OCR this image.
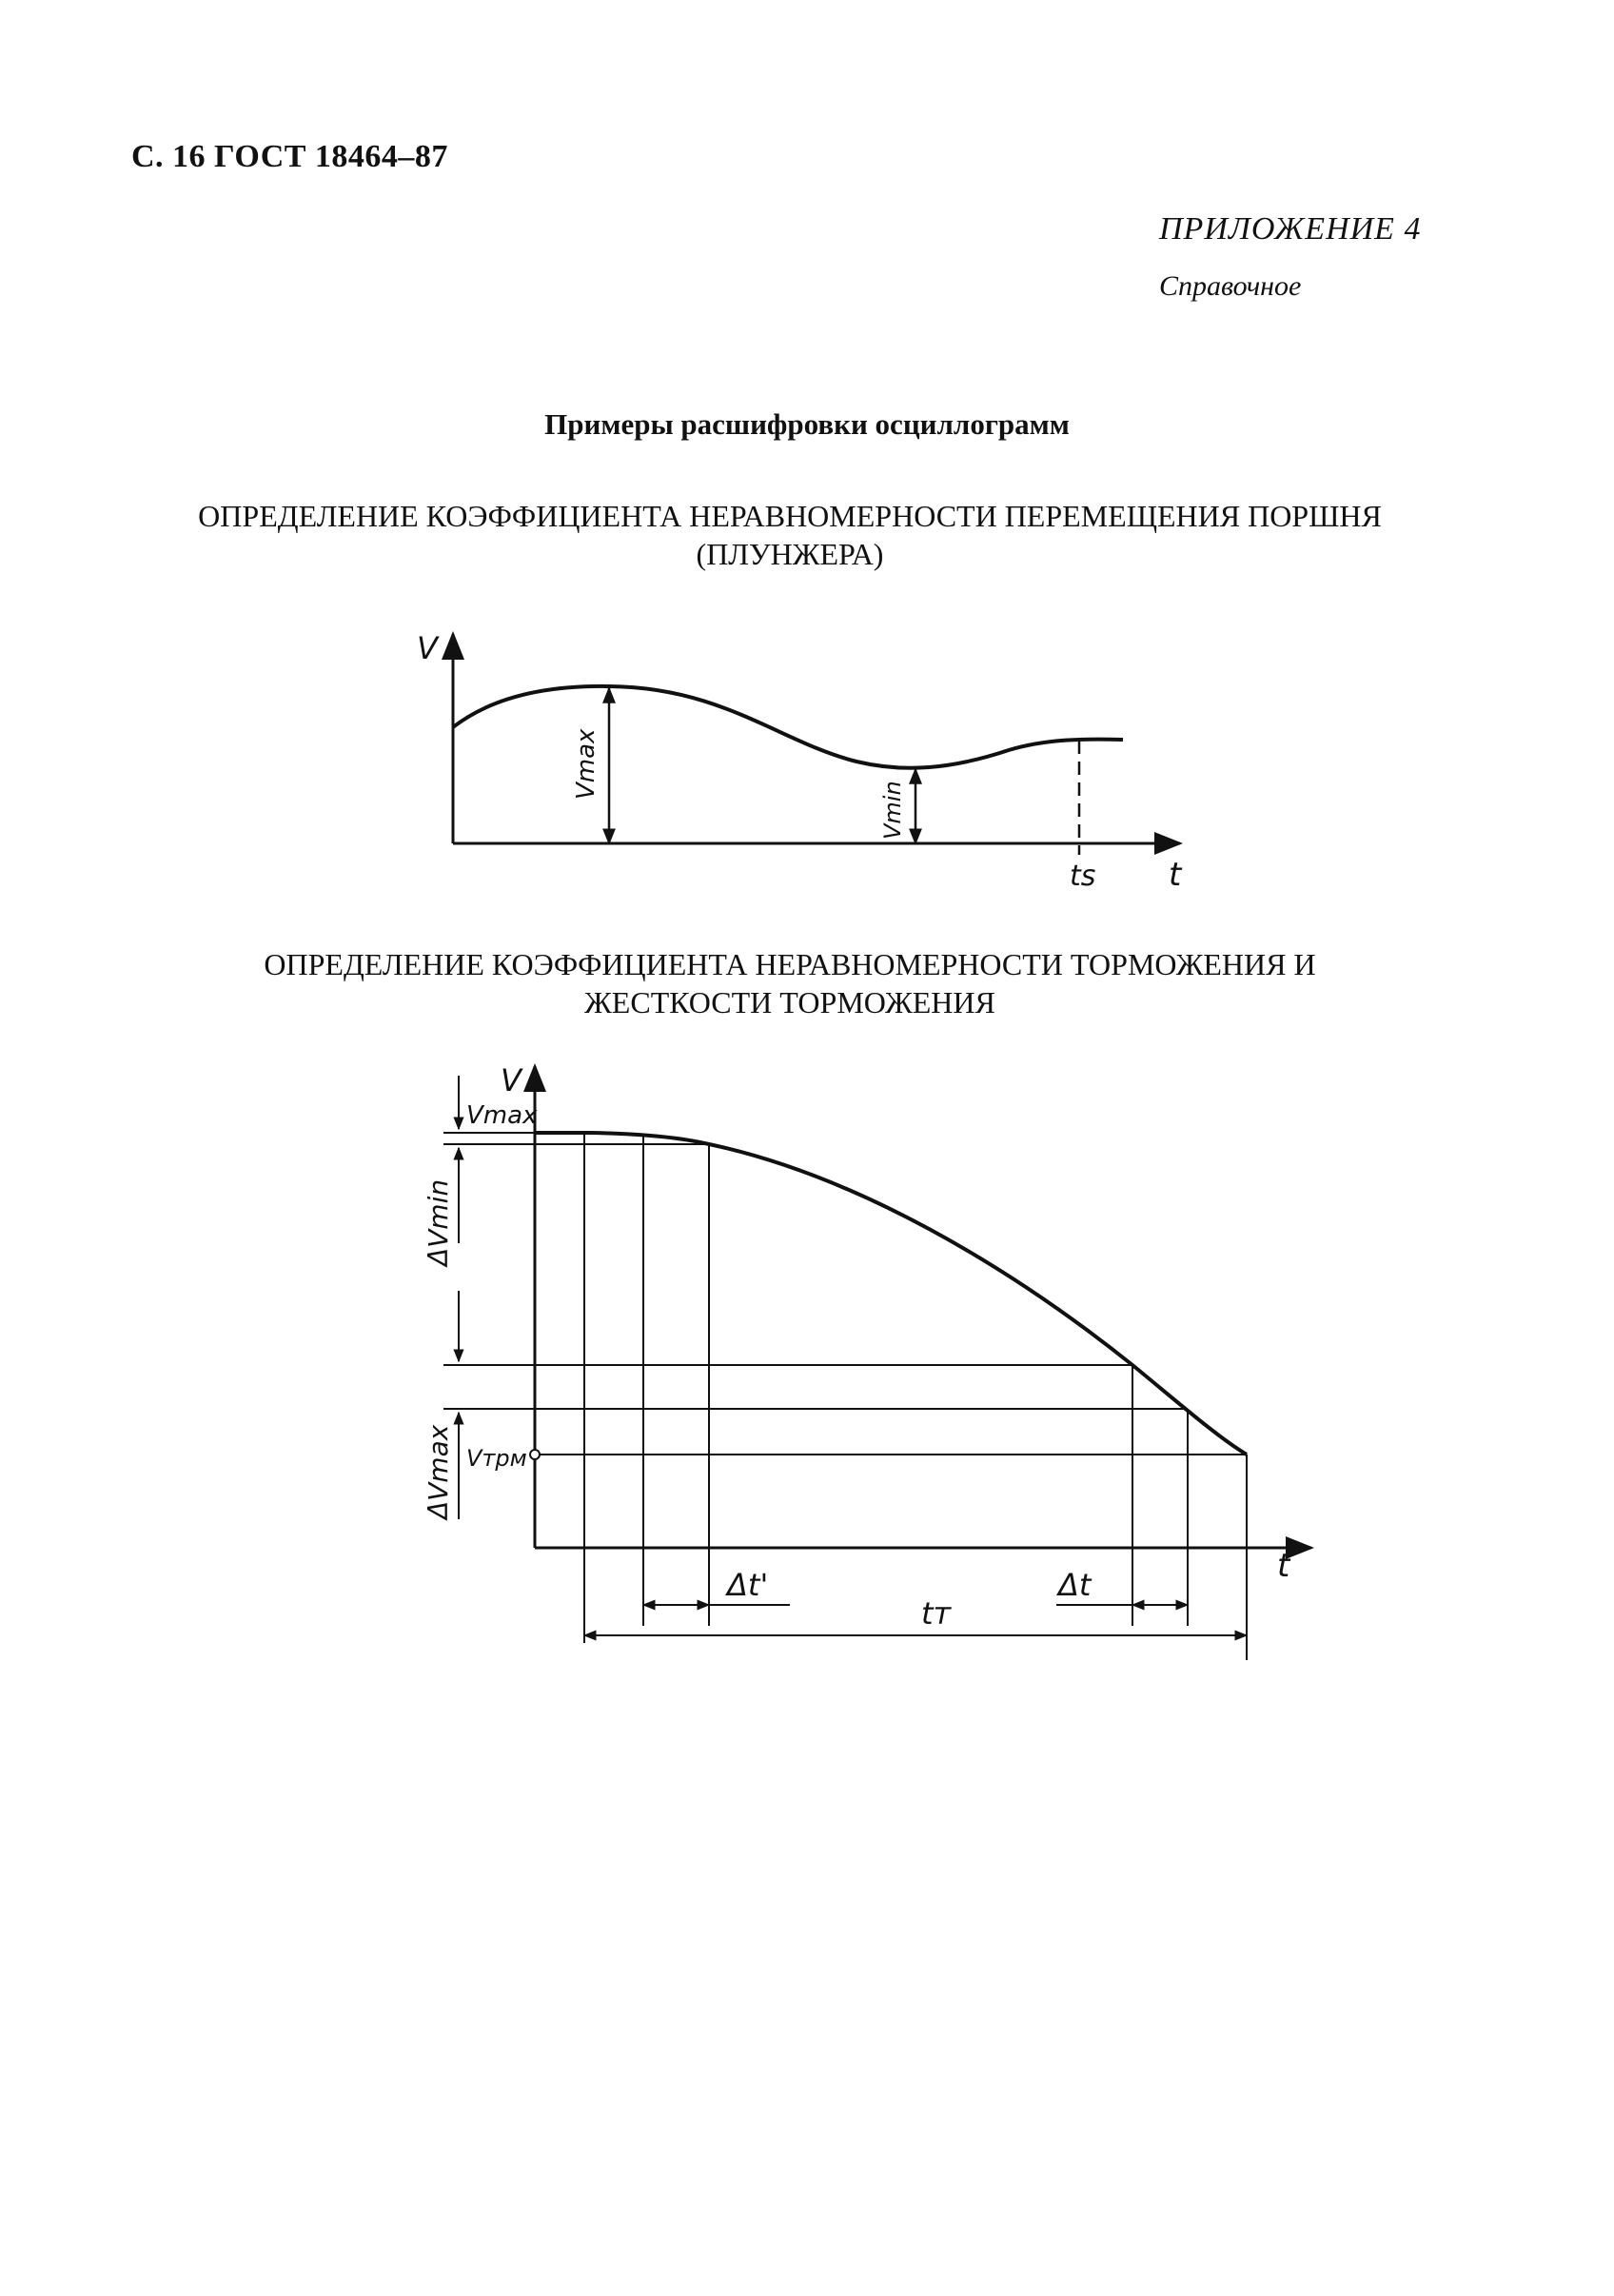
С. 16 ГОСТ 18464–87
ПРИЛОЖЕНИЕ 4
Справочное
Примеры расшифровки осциллограмм
ОПРЕДЕЛЕНИЕ КОЭФФИЦИЕНТА НЕРАВНОМЕРНОСТИ ПЕРЕМЕЩЕНИЯ ПОРШНЯ
(ПЛУНЖЕРА)
V
t
Vmax
Vmin
ts
ОПРЕДЕЛЕНИЕ КОЭФФИЦИЕНТА НЕРАВНОМЕРНОСТИ ТОРМОЖЕНИЯ И
ЖЕСТКОСТИ ТОРМОЖЕНИЯ
V
t
Vmax
ΔVmin
ΔVmax Vтрм
Δt'	Δt
tт
